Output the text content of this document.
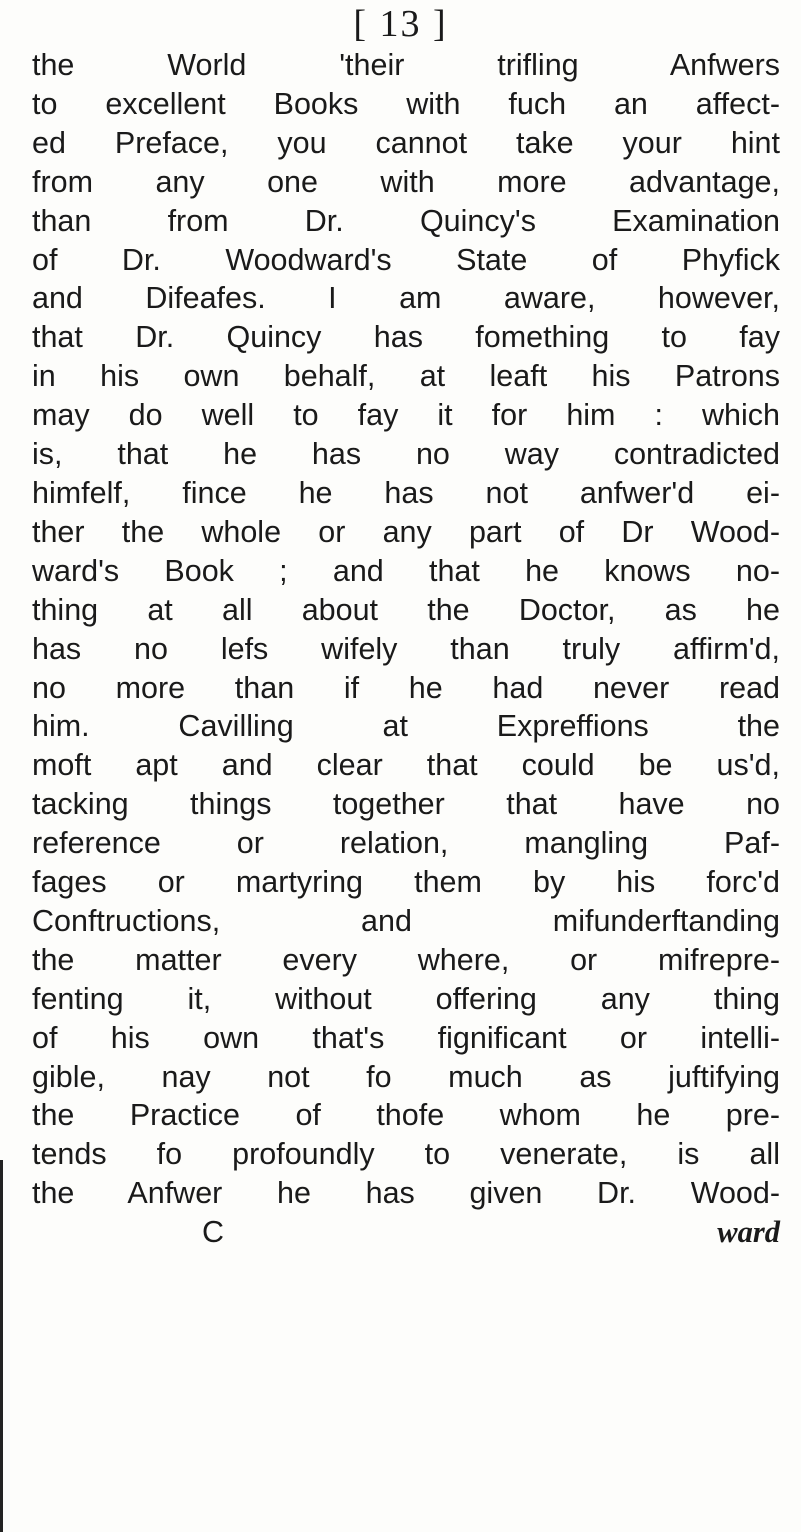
[ 13 ]
the World 'their trifling Anfwers
to excellent Books with fuch an affect-
ed Preface, you cannot take your hint
from any one with more advantage,
than from Dr. Quincy's Examination
of Dr. Woodward's State of Phyfick
and Difeafes. I am aware, however,
that Dr. Quincy has fomething to fay
in his own behalf, at leaft his Patrons
may do well to fay it for him : which
is, that he has no way contradicted
himfelf, fince he has not anfwer'd ei-
ther the whole or any part of Dr Wood-
ward's Book ; and that he knows no-
thing at all about the Doctor, as he
has no lefs wifely than truly affirm'd,
no more than if he had never read
him. Cavilling at Expreffions the
moft apt and clear that could be us'd,
tacking things together that have no
reference or relation, mangling Paf-
fages or martyring them by his forc'd
Conftructions, and mifunderftanding
the matter every where, or mifrepre-
fenting it, without offering any thing
of his own that's fignificant or intelli-
gible, nay not fo much as juftifying
the Practice of thofe whom he pre-
tends fo profoundly to venerate, is all
the Anfwer he has given Dr. Wood-
C	ward
